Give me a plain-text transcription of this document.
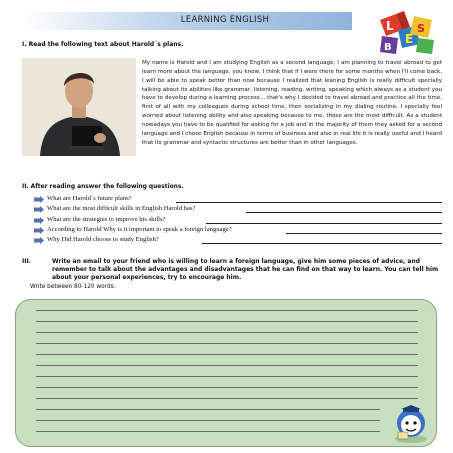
LEARNING ENGLISH	L
E
S
B
I. Read the following text about Harold´s plans.
My name is Harold and I am studying English as a second language, I am planning to travel abroad to get learn more about the language, you know, I think that if I were there for some months when I'll come back, I will be able to speak better than now because I realized that leaning English is really difficult specially talking about its abilities like grammar, listening, reading, writing, speaking which always as a student you have to develop during a learning process… that's why I decided to travel abroad and practice all the time, first of all with my colleagues during school time, then socializing in my dialing routine. I specially feel worried about listening ability and also speaking because to me, those are the most difficult. As a student nowadays you have to be qualified for asking for a job and in the majority of them they asked for a second language and I chose English because in terms of business and also in real life it is really useful and I heard that its grammar and syntactic structures are better than in other languages.
II. After reading answer the following questions.
What are Harold´s future plans?
What are the most difficult skills in English Harold has?
What are the strategies to improve his skills?
According to Harold Why is it important to speak a foreign language?
Why Did Harold choose to study English?
III.	Write an email to your friend who is willing to learn a foreign language, give him some pieces of advice, and remember to talk about the advantages and disadvantages that he can find on that way to learn. You can tell him about your personal experiences, try to encourage him.
Write between 80-120 words.
